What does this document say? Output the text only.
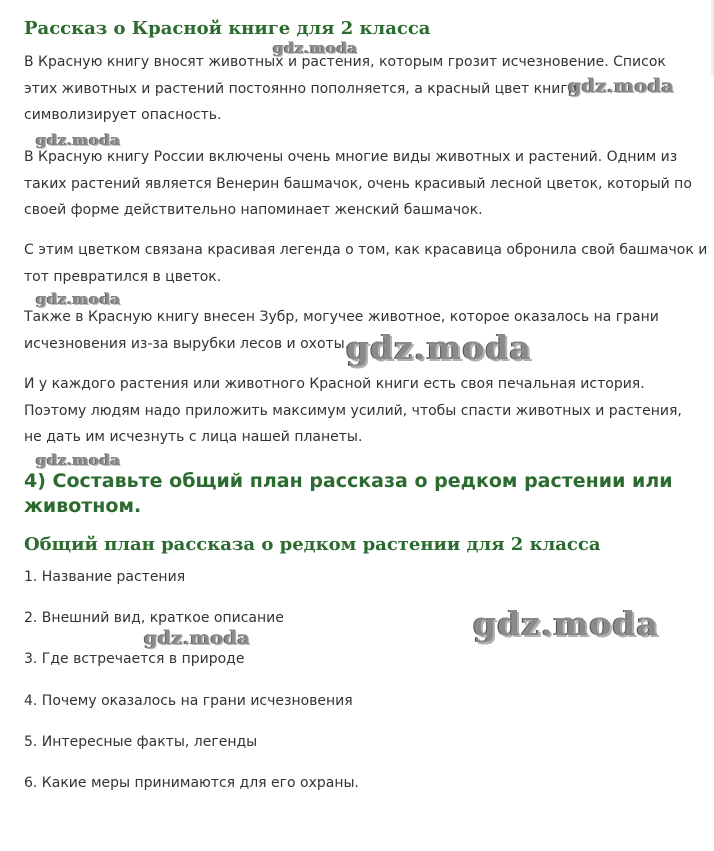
Рассказ о Красной книге для 2 класса

В Красную книгу вносят животных и растения, которым грозит исчезновение. Список
этих животных и растений постоянно пополняется, а красный цвет книги
символизирует опасность.

В Красную книгу России включены очень многие виды животных и растений. Одним из
таких растений является Венерин башмачок, очень красивый лесной цветок, который по
своей форме действительно напоминает женский башмачок.

С этим цветком связана красивая легенда о том, как красавица обронила свой башмачок и
тот превратился в цветок.

Также в Красную книгу внесен Зубр, могучее животное, которое оказалось на грани
исчезновения из-за вырубки лесов и охоты.

И у каждого растения или животного Красной книги есть своя печальная история.
Поэтому людям надо приложить максимум усилий, чтобы спасти животных и растения,
не дать им исчезнуть с лица нашей планеты.

4) Составьте общий план рассказа о редком растении или
животном.
Общий план рассказа о редком растении для 2 класса

1. Название растения

2. Внешний вид, краткое описание

3. Где встречается в природе

4. Почему оказалось на грани исчезновения

5. Интересные факты, легенды

6. Какие меры принимаются для его охраны.

gdz.moda
gdz.moda
gdz.moda
gdz.moda
gdz.moda
gdz.moda
gdz.moda
gdz.moda
